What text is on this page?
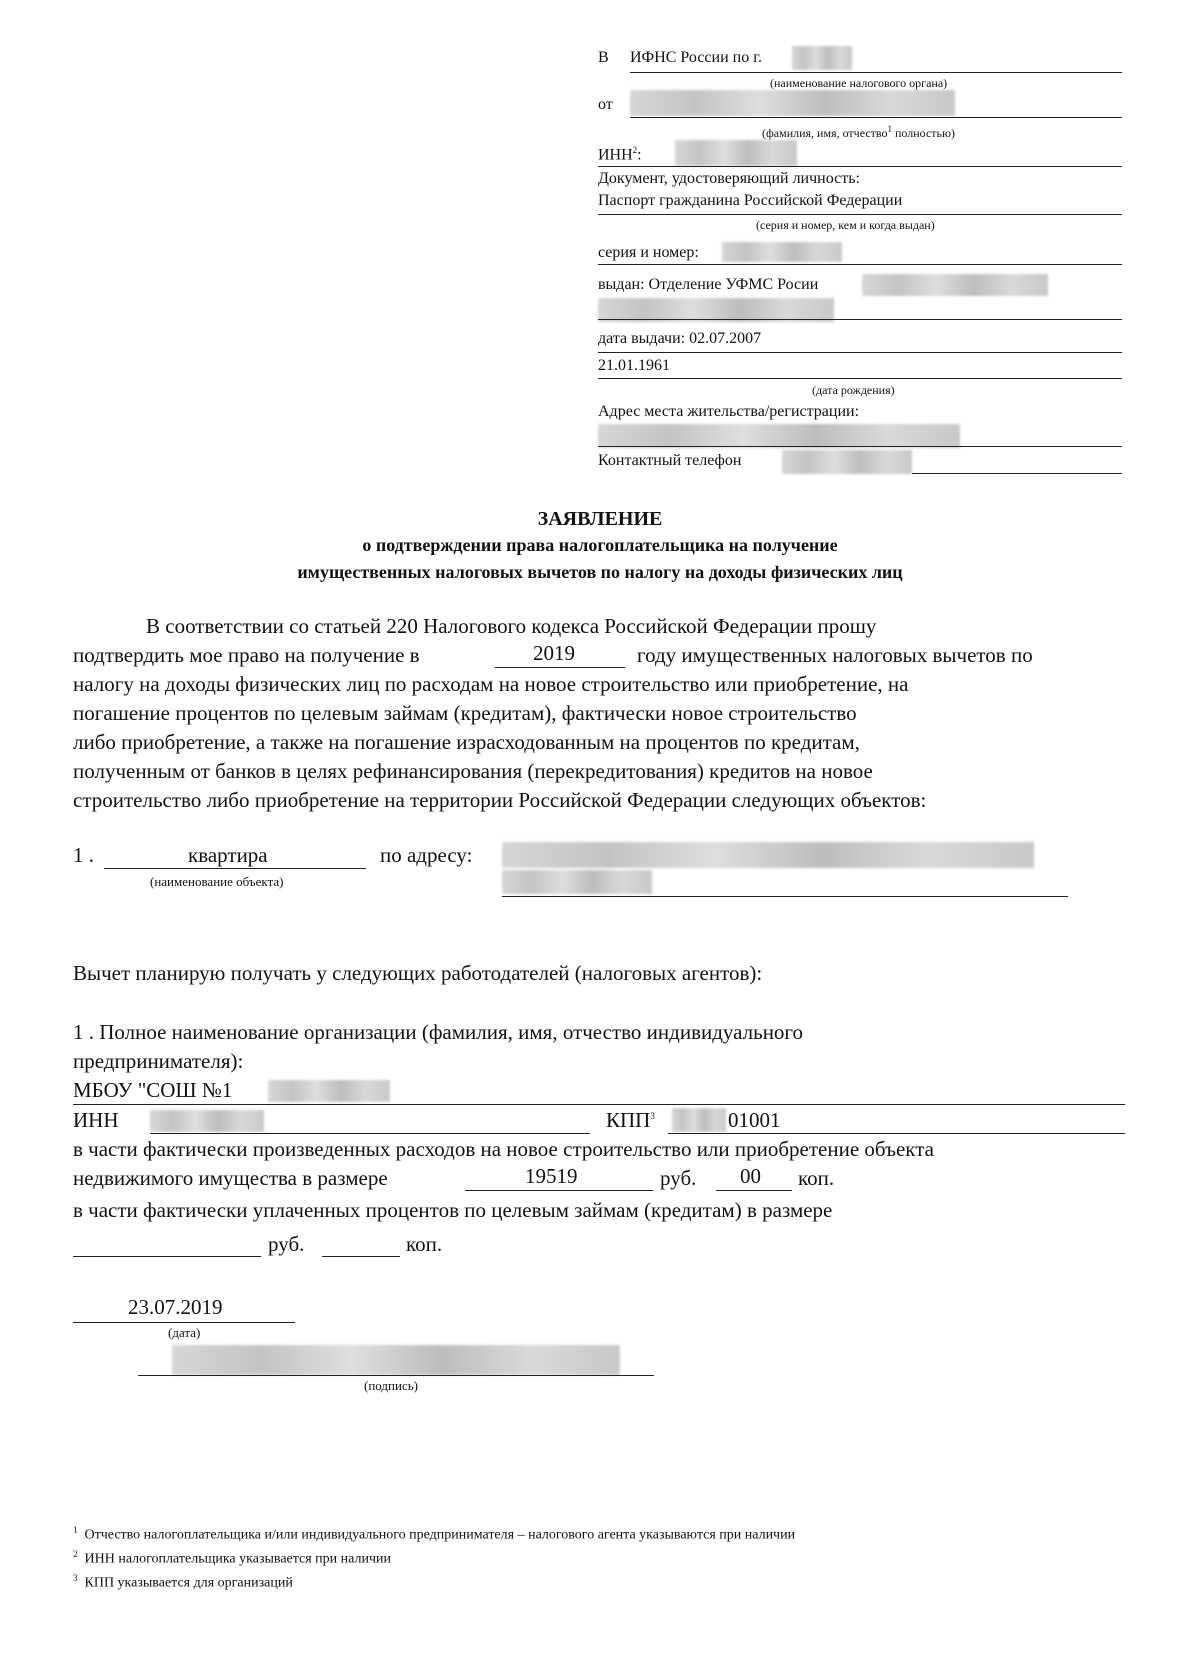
В ИФНС России по г.
(наименование налогового органа)
от
(фамилия, имя, отчество$^1$ полностью)
ИНН$^2$:
Документ, удостоверяющий личность:
Паспорт гражданина Российской Федерации
(серия и номер, кем и когда выдан)
серия и номер:
выдан: Отделение УФМС Росии
дата выдачи: 02.07.2007
21.01.1961
(дата рождения)
Адрес места жительства/регистрации:
Контактный телефон
ЗАЯВЛЕНИЕ
о подтверждении права налогоплательщика на получение
имущественных налоговых вычетов по налогу на доходы физических лиц
В соответствии со статьей 220 Налогового кодекса Российской Федерации прошу
подтвердить мое право на получение в	2019	году имущественных налоговых вычетов по
налогу на доходы физических лиц по расходам на новое строительство или приобретение, на
погашение процентов по целевым займам (кредитам), фактически новое строительство
либо приобретение, а также на погашение израсходованным на процентов по кредитам,
полученным от банков в целях рефинансирования (перекредитования) кредитов на новое
строительство либо приобретение на территории Российской Федерации следующих объектов:
1 .	квартира
(наименование объекта)
по адресу:
Вычет планирую получать у следующих работодателей (налоговых агентов):
1 . Полное наименование организации (фамилия, имя, отчество индивидуального
предпринимателя):
МБОУ "СОШ №1
ИНН	КПП$^3$	01001
в части фактически произведенных расходов на новое строительство или приобретение объекта
недвижимого имущества в размере	19519	руб. 00 коп.
в части фактически уплаченных процентов по целевым займам (кредитам) в размере
руб.	коп.
23.07.2019
(дата)
(подпись)
$^1$ Отчество налогоплательщика и/или индивидуального предпринимателя – налогового агента указываются при наличии
$^2$ ИНН налогоплательщика указывается при наличии
$^3$ КПП указывается для организаций
